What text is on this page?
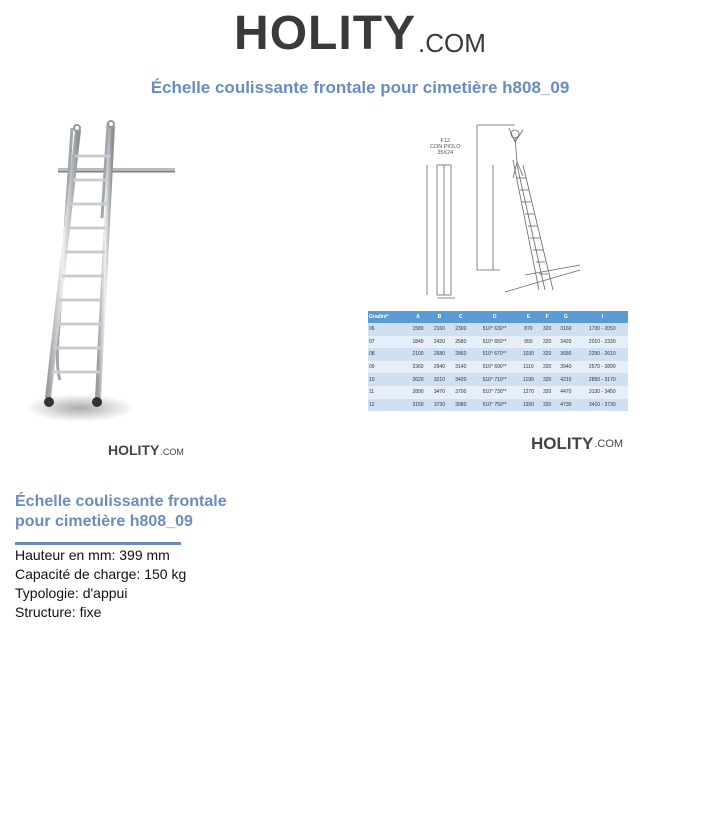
HOLITY .COM
Échelle coulissante frontale pour cimetière h808_09
HOLITY .COM
F12
CON PIOLO
35X24
Gradini*	A	B	C	D	E	F	G	I
06	1580	2160	2300	510° 630°*	870	320	3160	1730 - 2050
07	1840	2420	2580	510° 650°*	950	320	3420	2010 - 2330
08	2100	2680	2860	510° 670°*	1030	320	3680	2290 - 2610
09	2360	2940	3140	510° 690°*	1110	320	3940	2570 - 2890
10	2620	3210	3420	510° 710°*	1190	320	4210	2850 - 3170
11	2890	3470	3700	510° 730°*	1270	320	4470	3130 - 3450
12	3150	3730	3980	510° 750°*	1350	320	4730	3410 - 3730
HOLITY .COM
Échelle coulissante frontale pour cimetière h808_09
Hauteur en mm: 399 mm
Capacité de charge: 150 kg
Typologie: d'appui
Structure: fixe
